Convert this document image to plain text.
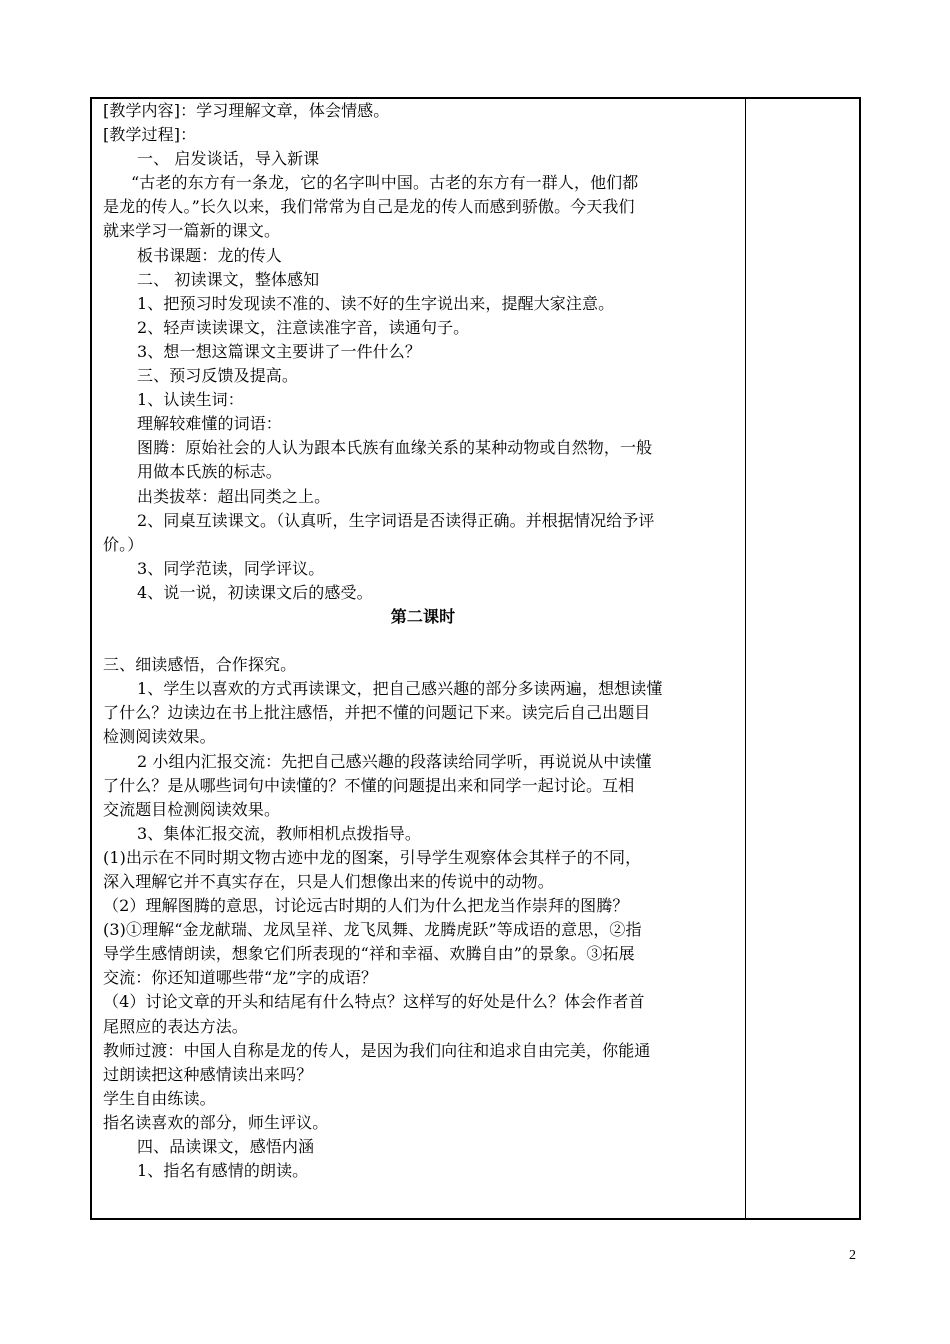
[教学内容]：学习理解文章，体会情感。
[教学过程]：
一、 启发谈话，导入新课
“古老的东方有一条龙，它的名字叫中国。古老的东方有一群人，他们都
是龙的传人。”长久以来，我们常常为自己是龙的传人而感到骄傲。今天我们
就来学习一篇新的课文。
板书课题：龙的传人
二、 初读课文，整体感知
1、把预习时发现读不准的、读不好的生字说出来，提醒大家注意。
2、轻声读读课文，注意读准字音，读通句子。
3、想一想这篇课文主要讲了一件什么？
三、预习反馈及提高。
1、认读生词：
理解较难懂的词语：
图腾：原始社会的人认为跟本氏族有血缘关系的某种动物或自然物，一般
用做本氏族的标志。
出类拔萃：超出同类之上。
2、同桌互读课文。（认真听，生字词语是否读得正确。并根据情况给予评
价。）
3、同学范读，同学评议。
4、说一说，初读课文后的感受。
第二课时
三、细读感悟，合作探究。
1、学生以喜欢的方式再读课文，把自己感兴趣的部分多读两遍，想想读懂
了什么？边读边在书上批注感悟，并把不懂的问题记下来。读完后自己出题目
检测阅读效果。
2 小组内汇报交流：先把自己感兴趣的段落读给同学听，再说说从中读懂
了什么？是从哪些词句中读懂的？不懂的问题提出来和同学一起讨论。互相
交流题目检测阅读效果。
3、集体汇报交流，教师相机点拨指导。
(1)出示在不同时期文物古迹中龙的图案，引导学生观察体会其样子的不同，
深入理解它并不真实存在，只是人们想像出来的传说中的动物。
（2）理解图腾的意思，讨论远古时期的人们为什么把龙当作崇拜的图腾？
(3)①理解“金龙献瑞、龙凤呈祥、龙飞凤舞、龙腾虎跃”等成语的意思，②指
导学生感情朗读，想象它们所表现的“祥和幸福、欢腾自由”的景象。③拓展
交流：你还知道哪些带“龙”字的成语？
（4）讨论文章的开头和结尾有什么特点？这样写的好处是什么？体会作者首
尾照应的表达方法。
教师过渡：中国人自称是龙的传人，是因为我们向往和追求自由完美，你能通
过朗读把这种感情读出来吗？
学生自由练读。
指名读喜欢的部分，师生评议。
四、品读课文，感悟内涵
1、指名有感情的朗读。
2
